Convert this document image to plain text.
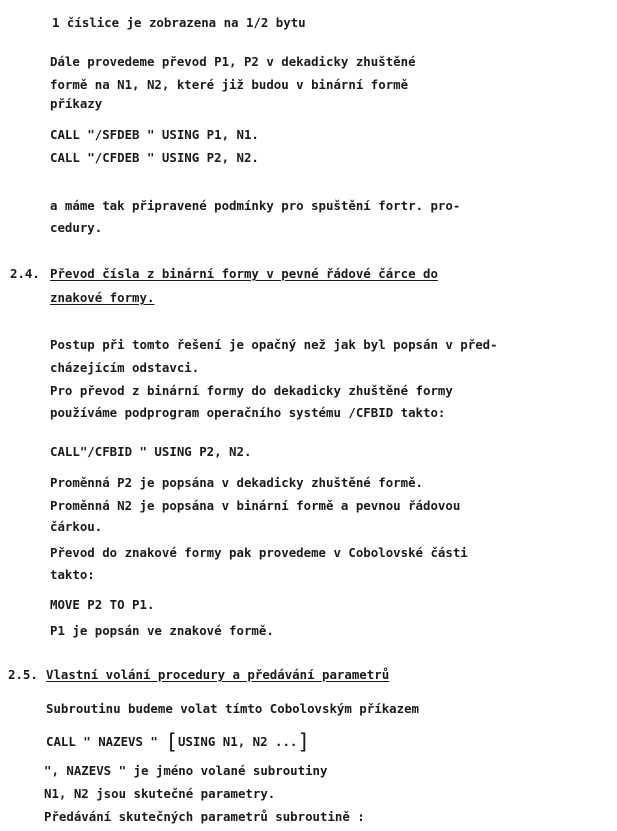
1 číslice je zobrazena na 1/2 bytu
Dále provedeme převod P1, P2 v dekadicky zhuštěné
formě na N1, N2, které již budou v binární formě
příkazy
CALL "/SFDEB " USING P1, N1.
CALL "/CFDEB " USING P2, N2.
a máme tak připravené podmínky pro spuštění fortr. pro-
cedury.
2.4. Převod čísla z binární formy v pevné řádové čárce do
znakové formy.
Postup při tomto řešení je opačný než jak byl popsán v před-
cházejícím odstavci.
Pro převod z binární formy do dekadicky zhuštěné formy
používáme podprogram operačního systému /CFBID takto:
CALL"/CFBID " USING P2, N2.
Proměnná P2 je popsána v dekadicky zhuštěné formě.
Proměnná N2 je popsána v binární formě a pevnou řádovou
čárkou.
Převod do znakové formy pak provedeme v Cobolovské části
takto:
MOVE P2 TO P1.
P1 je popsán ve znakové formě.
2.5. Vlastní volání procedury a předávání parametrů
Subroutinu budeme volat tímto Cobolovským příkazem
CALL " NAZEVS " [USING N1, N2 ...]
", NAZEVS " je jméno volané subroutiny
N1, N2 jsou skutečné parametry.
Předávání skutečných parametrů subroutině :
